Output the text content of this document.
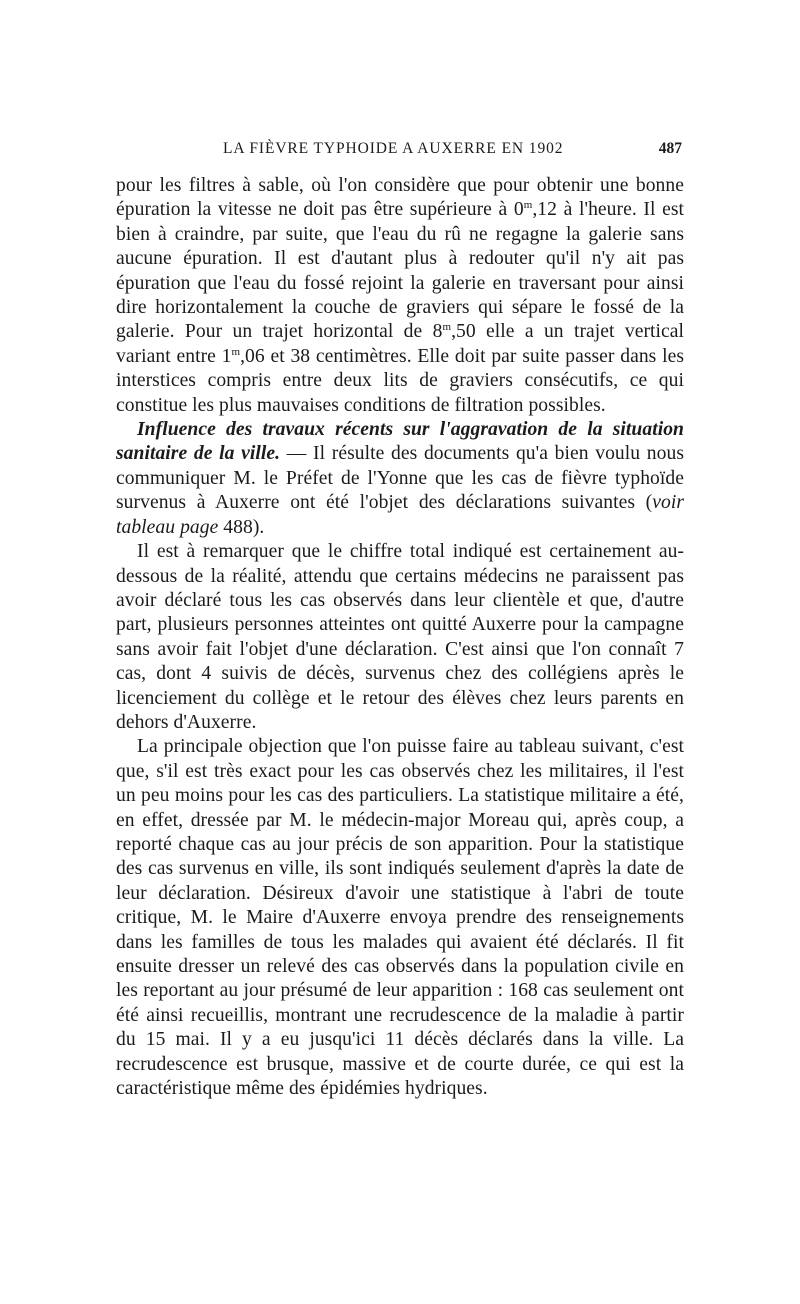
LA FIÈVRE TYPHOIDE A AUXERRE EN 1902	487

pour les filtres à sable, où l'on considère que pour obtenir une bonne épuration la vitesse ne doit pas être supérieure à 0$^m$,12 à l'heure. Il est bien à craindre, par suite, que l'eau du rû ne regagne la galerie sans aucune épuration. Il est d'autant plus à redouter qu'il n'y ait pas épuration que l'eau du fossé rejoint la galerie en traversant pour ainsi dire horizontalement la couche de graviers qui sépare le fossé de la galerie. Pour un trajet horizontal de 8$^m$,50 elle a un trajet vertical variant entre 1$^m$,06 et 38 centimètres. Elle doit par suite passer dans les interstices compris entre deux lits de graviers consécutifs, ce qui constitue les plus mauvaises conditions de filtration possibles.

Influence des travaux récents sur l'aggravation de la situation sanitaire de la ville. — Il résulte des documents qu'a bien voulu nous communiquer M. le Préfet de l'Yonne que les cas de fièvre typhoïde survenus à Auxerre ont été l'objet des déclarations suivantes (voir tableau page 488).

Il est à remarquer que le chiffre total indiqué est certainement au-dessous de la réalité, attendu que certains médecins ne paraissent pas avoir déclaré tous les cas observés dans leur clientèle et que, d'autre part, plusieurs personnes atteintes ont quitté Auxerre pour la campagne sans avoir fait l'objet d'une déclaration. C'est ainsi que l'on connaît 7 cas, dont 4 suivis de décès, survenus chez des collégiens après le licenciement du collège et le retour des élèves chez leurs parents en dehors d'Auxerre.

La principale objection que l'on puisse faire au tableau suivant, c'est que, s'il est très exact pour les cas observés chez les militaires, il l'est un peu moins pour les cas des particuliers. La statistique militaire a été, en effet, dressée par M. le médecin-major Moreau qui, après coup, a reporté chaque cas au jour précis de son apparition. Pour la statistique des cas survenus en ville, ils sont indiqués seulement d'après la date de leur déclaration. Désireux d'avoir une statistique à l'abri de toute critique, M. le Maire d'Auxerre envoya prendre des renseignements dans les familles de tous les malades qui avaient été déclarés. Il fit ensuite dresser un relevé des cas observés dans la population civile en les reportant au jour présumé de leur apparition : 168 cas seulement ont été ainsi recueillis, montrant une recrudescence de la maladie à partir du 15 mai. Il y a eu jusqu'ici 11 décès déclarés dans la ville. La recrudescence est brusque, massive et de courte durée, ce qui est la caractéristique même des épidémies hydriques.
